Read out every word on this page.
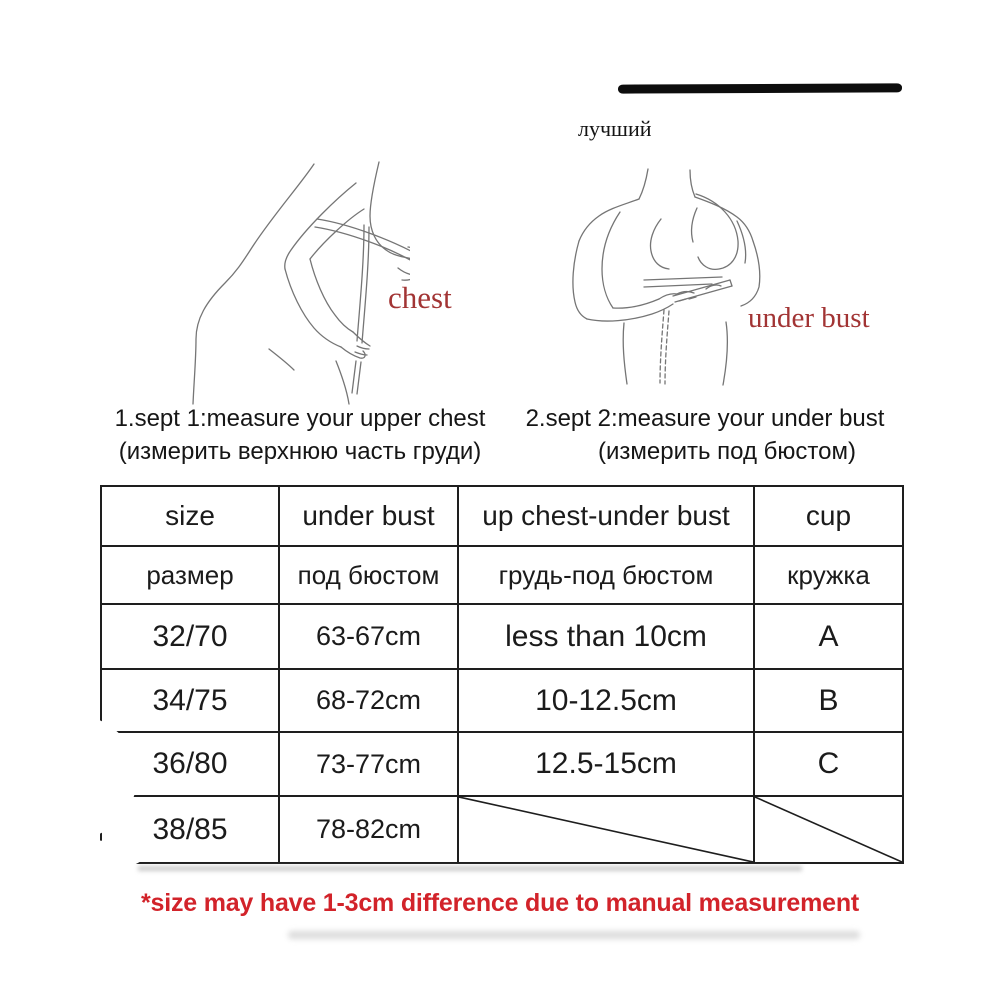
лучший
chest
under bust
1.sept 1:measure your upper chest
(измерить верхнюю часть груди)
2.sept 2:measure your under bust
(измерить под бюстом)
size	under bust	up chest-under bust	cup
размер	под бюстом	грудь-под бюстом	кружка
32/70	63-67cm	less than 10cm	A
34/75	68-72cm	10-12.5cm	B
36/80	73-77cm	12.5-15cm	C
38/85	78-82cm	

*size may have 1-3cm difference due to manual measurement
